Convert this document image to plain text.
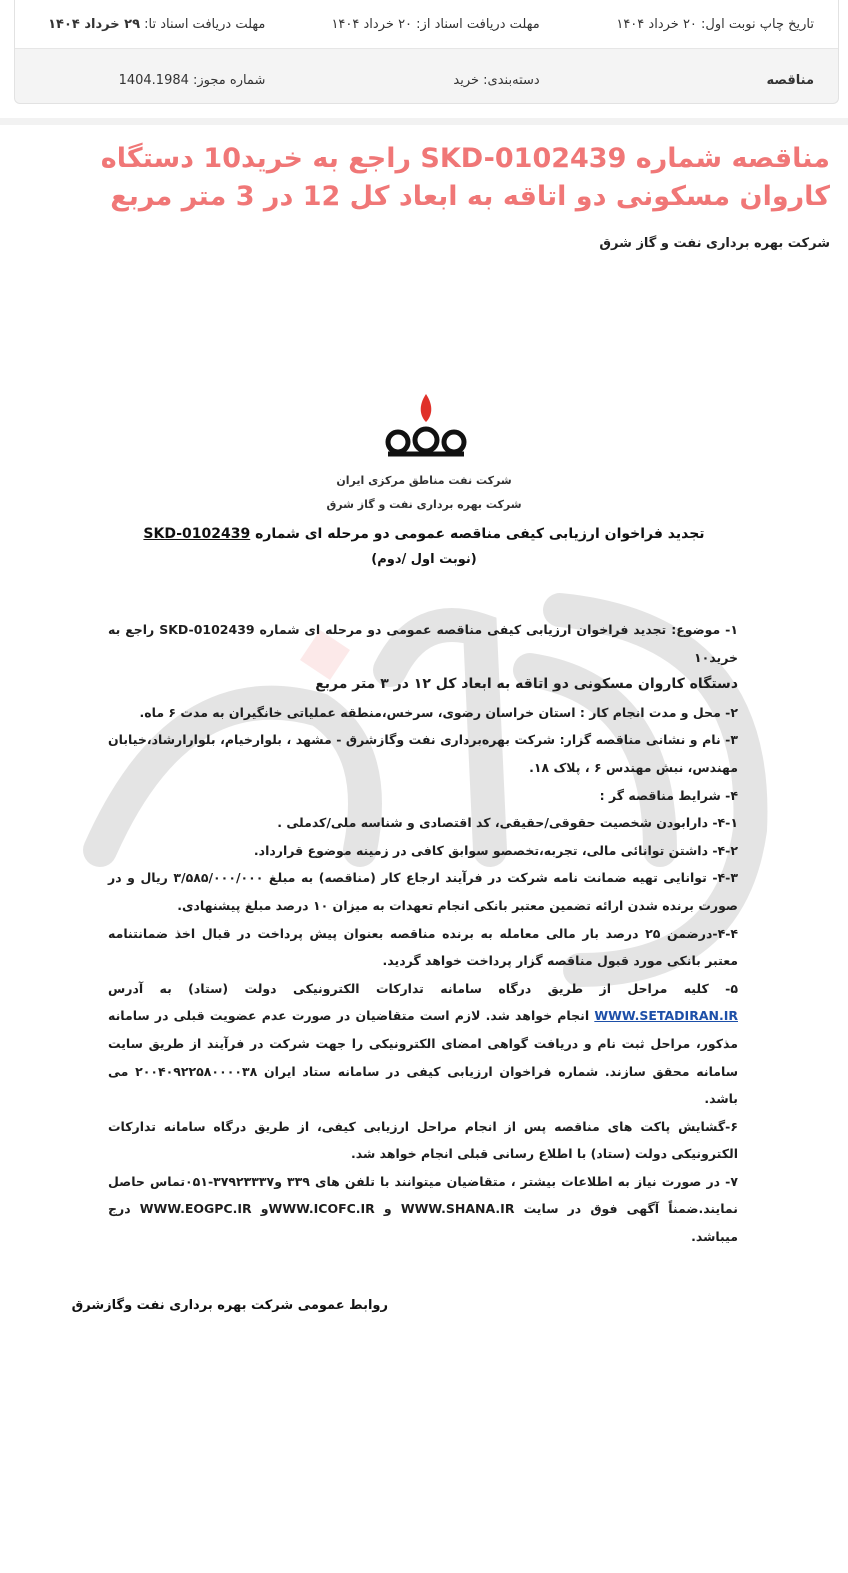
تاریخ چاپ نوبت اول: ۲۰ خرداد ۱۴۰۴
مهلت دریافت اسناد از: ۲۰ خرداد ۱۴۰۴
مهلت دریافت اسناد تا: ۲۹ خرداد ۱۴۰۴
مناقصه
دسته‌بندی: خرید
شماره مجوز: 1404.1984
مناقصه شماره SKD-0102439 راجع به خرید10 دستگاه کاروان مسکونی دو اتاقه به ابعاد کل 12 در 3 متر مربع
شرکت بهره برداری نفت و گاز شرق
شرکت نفت مناطق مرکزی ایران
شرکت بهره برداری نفت و گاز شرق
تجدید فراخوان ارزیابی کیفی مناقصه عمومی دو مرحله ای شماره SKD-0102439
(نوبت اول /دوم)

۱- موضوع: تجدید فراخوان ارزیابی کیفی مناقصه عمومی دو مرحله ای شماره SKD-0102439 راجع به خرید۱۰

دستگاه کاروان مسکونی دو اتاقه به ابعاد کل ۱۲ در ۳ متر مربع

۲- محل و مدت انجام کار : استان خراسان رضوی، سرخس،منطقه عملیاتی خانگیران به مدت ۶ ماه.

۳- نام و نشانی مناقصه گزار: شرکت بهره‌برداری نفت وگازشرق - مشهد ، بلوارخیام، بلوارارشاد،خیابان مهندس، نبش مهندس ۶ ، پلاک ۱۸.

۴- شرایط مناقصه گر :

۴-۱- دارابودن شخصیت حقوقی/حقیقی، کد اقتصادی و شناسه ملی/کدملی .

۴-۲- داشتن توانائی مالی، تجربه،تخصصو سوابق کافی در زمینه موضوع قرارداد.

۴-۳- توانایی تهیه ضمانت نامه شرکت در فرآیند ارجاع کار (مناقصه) به مبلغ ۳/۵۸۵/۰۰۰/۰۰۰ ریال و در صورت برنده شدن ارائه تضمین معتبر بانکی انجام تعهدات به میزان ۱۰ درصد مبلغ پیشنهادی.

۴-۴-درضمن ۲۵ درصد بار مالی معامله به برنده مناقصه بعنوان پیش پرداخت در قبال اخذ ضمانتنامه معتبر بانکی مورد قبول مناقصه گزار پرداخت خواهد گردید.

۵- کلیه مراحل از طریق درگاه سامانه تدارکات الکترونیکی دولت (ستاد) به آدرس WWW.SETADIRAN.IR انجام خواهد شد. لازم است متقاضیان در صورت عدم عضویت قبلی در سامانه مذکور، مراحل ثبت نام و دریافت گواهی امضای الکترونیکی را جهت شرکت در فرآیند از طریق سایت سامانه محقق سازند. شماره فراخوان ارزیابی کیفی در سامانه ستاد ایران ۲۰۰۴۰۹۲۲۵۸۰۰۰۰۳۸ می باشد.

۶-گشایش پاکت های مناقصه پس از انجام مراحل ارزیابی کیفی، از طریق درگاه سامانه تدارکات الکترونیکی دولت (ستاد) با اطلاع رسانی قبلی انجام خواهد شد.

۷- در صورت نیاز به اطلاعات بیشتر ، متقاضیان میتوانند با تلفن های ۳۳۹ و۳۷۹۲۳۳۳۷-۰۵۱تماس حاصل نمایند.ضمناً آگهی فوق در سایت WWW.SHANA.IR و WWW.ICOFC.IRو WWW.EOGPC.IR درج میباشد.

روابط عمومی شرکت بهره برداری نفت وگازشرق
